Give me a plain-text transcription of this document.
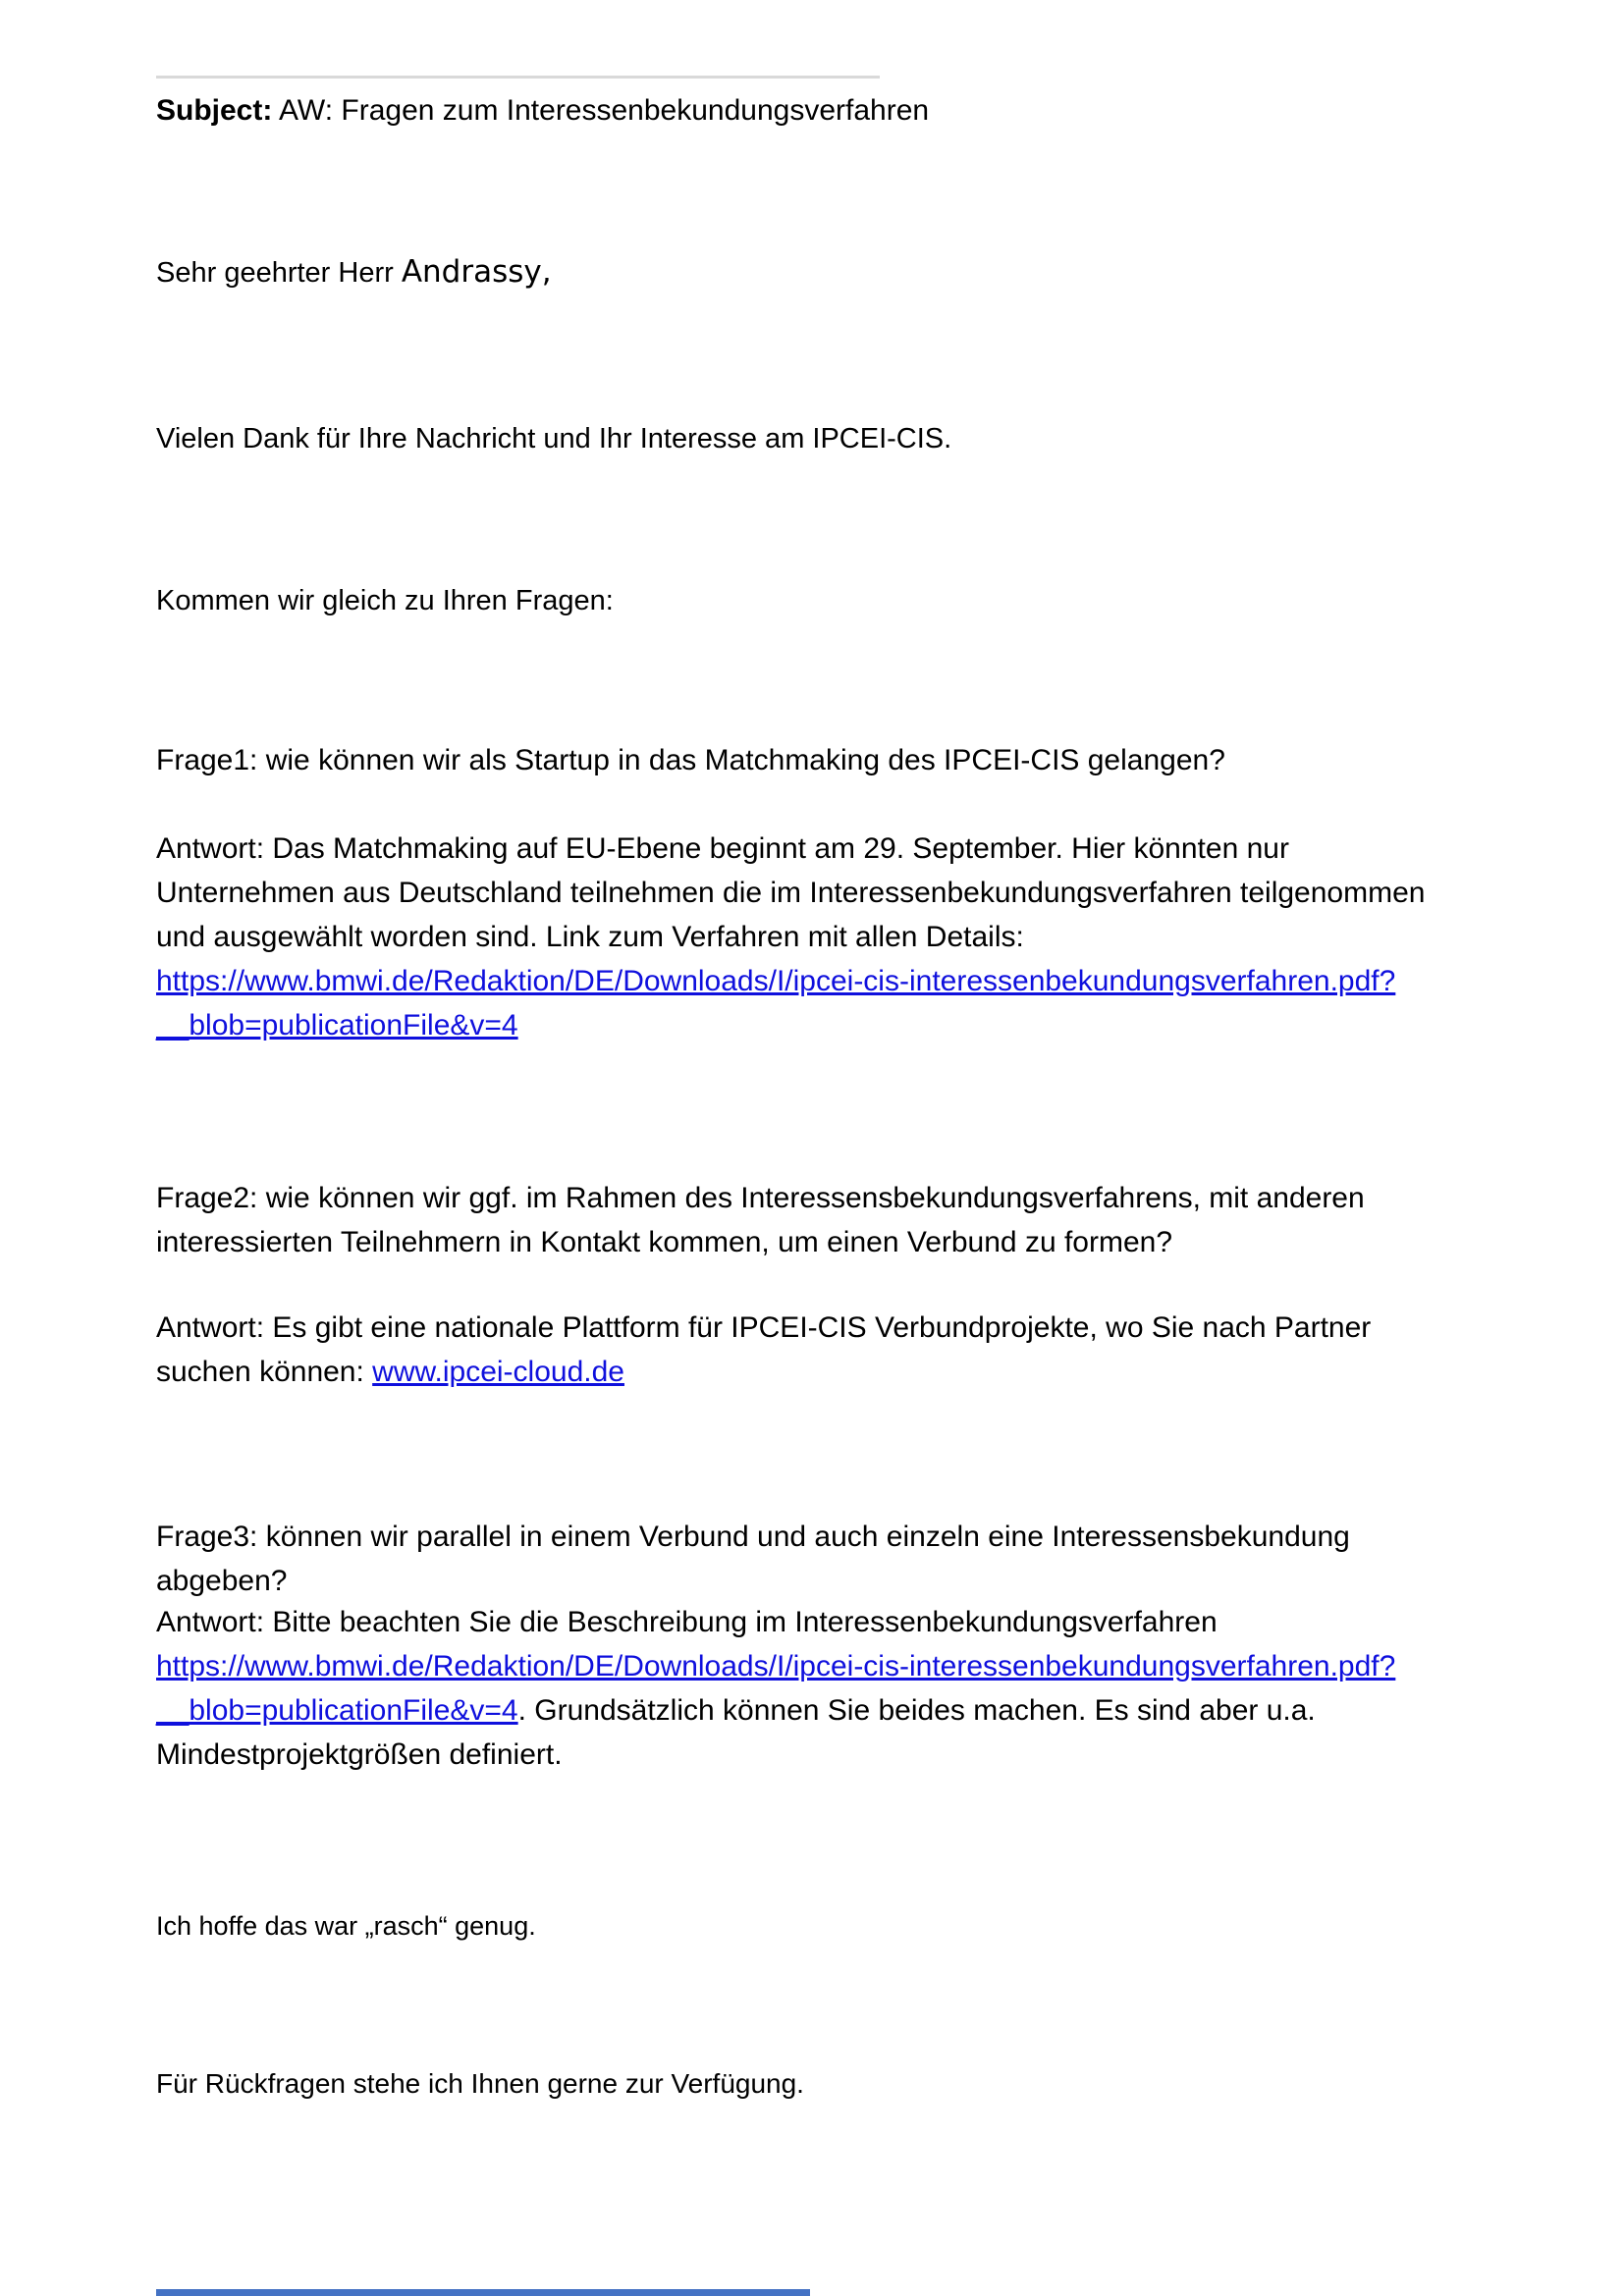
Subject: AW: Fragen zum Interessenbekundungsverfahren
Sehr geehrter Herr Andrassy,
Vielen Dank für Ihre Nachricht und Ihr Interesse am IPCEI-CIS.
Kommen wir gleich zu Ihren Fragen:
Frage1: wie können wir als Startup in das Matchmaking des IPCEI-CIS gelangen?
Antwort: Das Matchmaking auf EU-Ebene beginnt am 29. September. Hier könnten nur Unternehmen aus Deutschland teilnehmen die im Interessenbekundungsverfahren teilgenommen und ausgewählt worden sind. Link zum Verfahren mit allen Details: https://www.bmwi.de/Redaktion/DE/Downloads/I/ipcei-cis-interessenbekundungsverfahren.pdf?__blob=publicationFile&v=4
Frage2: wie können wir ggf. im Rahmen des Interessensbekundungsverfahrens, mit anderen interessierten Teilnehmern in Kontakt kommen, um einen Verbund zu formen?
Antwort: Es gibt eine nationale Plattform für IPCEI-CIS Verbundprojekte, wo Sie nach Partner suchen können: www.ipcei-cloud.de
Frage3: können wir parallel in einem Verbund und auch einzeln eine Interessensbekundung abgeben?
Antwort: Bitte beachten Sie die Beschreibung im Interessenbekundungsverfahren https://www.bmwi.de/Redaktion/DE/Downloads/I/ipcei-cis-interessenbekundungsverfahren.pdf?__blob=publicationFile&v=4. Grundsätzlich können Sie beides machen. Es sind aber u.a. Mindestprojektgrößen definiert.
Ich hoffe das war „rasch“ genug.
Für Rückfragen stehe ich Ihnen gerne zur Verfügung.
